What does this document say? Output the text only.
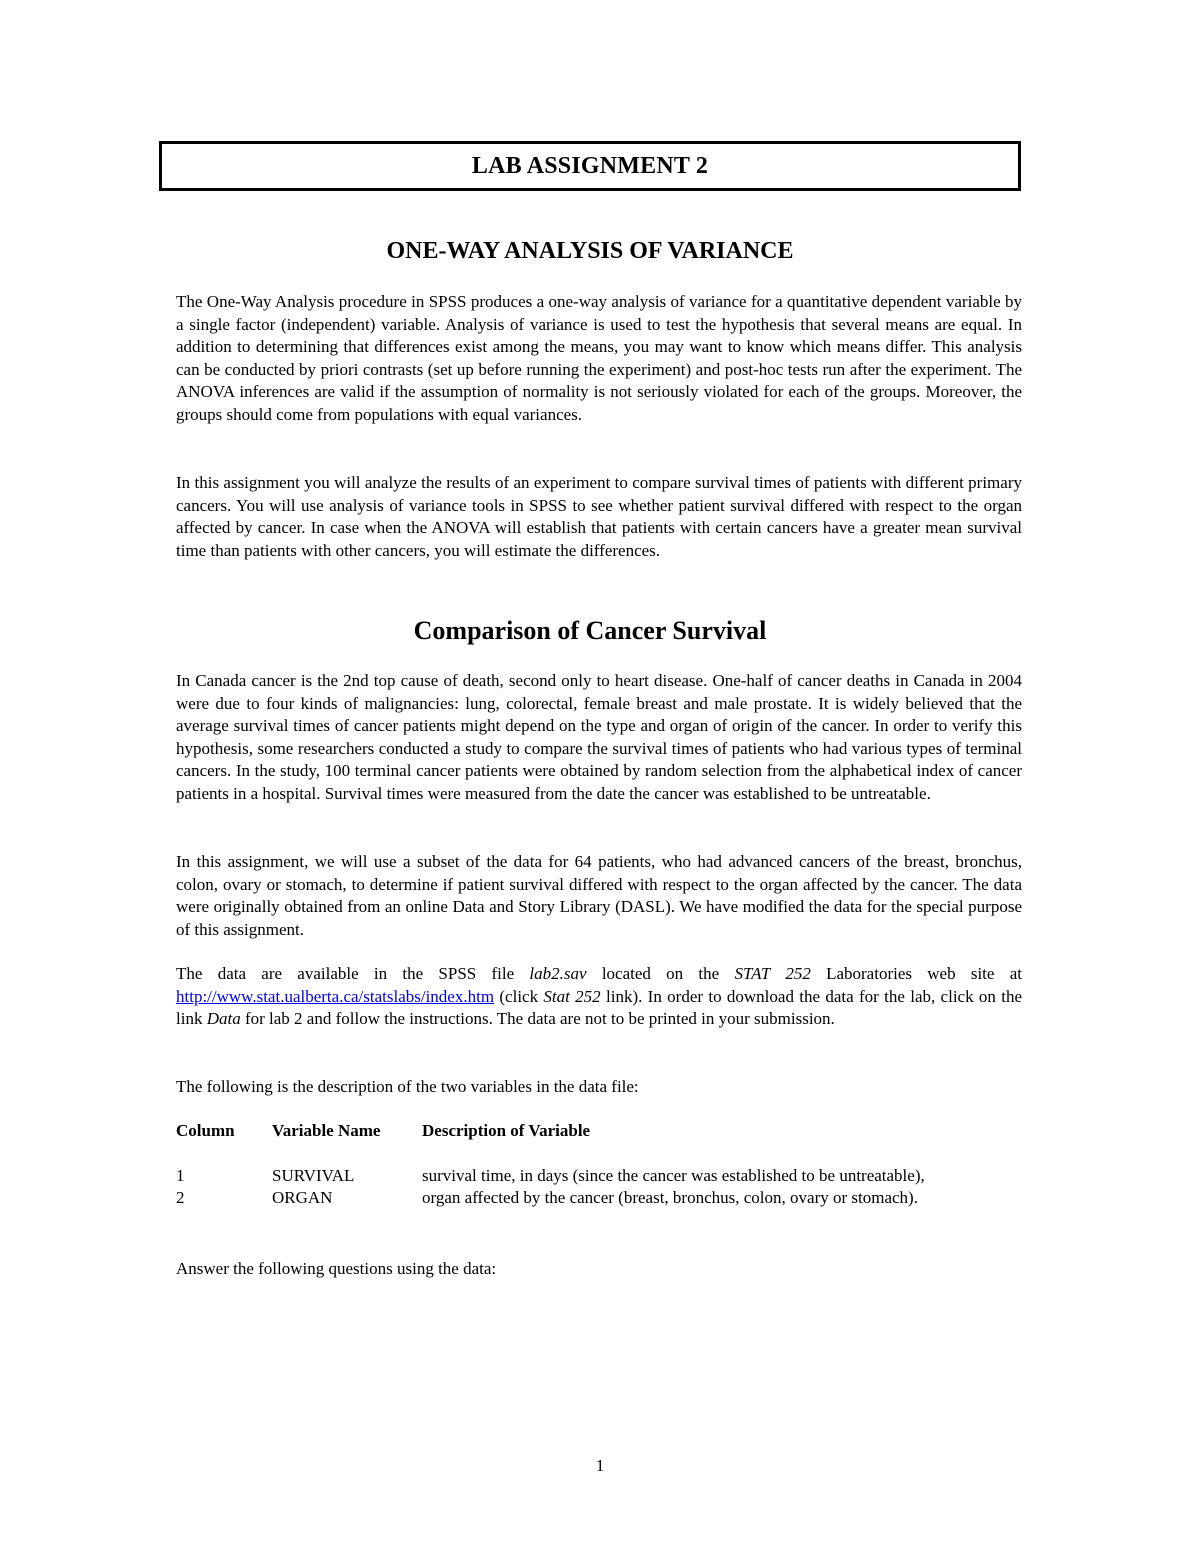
LAB ASSIGNMENT 2
ONE-WAY ANALYSIS OF VARIANCE

The One-Way Analysis procedure in SPSS produces a one-way analysis of variance for a quantitative dependent variable by a single factor (independent) variable. Analysis of variance is used to test the hypothesis that several means are equal. In addition to determining that differences exist among the means, you may want to know which means differ. This analysis can be conducted by priori contrasts (set up before running the experiment) and post-hoc tests run after the experiment. The ANOVA inferences are valid if the assumption of normality is not seriously violated for each of the groups. Moreover, the groups should come from populations with equal variances.

In this assignment you will analyze the results of an experiment to compare survival times of patients with different primary cancers. You will use analysis of variance tools in SPSS to see whether patient survival differed with respect to the organ affected by cancer. In case when the ANOVA will establish that patients with certain cancers have a greater mean survival time than patients with other cancers, you will estimate the differences.

Comparison of Cancer Survival

In Canada cancer is the 2nd top cause of death, second only to heart disease. One-half of cancer deaths in Canada in 2004 were due to four kinds of malignancies: lung, colorectal, female breast and male prostate. It is widely believed that the average survival times of cancer patients might depend on the type and organ of origin of the cancer. In order to verify this hypothesis, some researchers conducted a study to compare the survival times of patients who had various types of terminal cancers. In the study, 100 terminal cancer patients were obtained by random selection from the alphabetical index of cancer patients in a hospital. Survival times were measured from the date the cancer was established to be untreatable.

In this assignment, we will use a subset of the data for 64 patients, who had advanced cancers of the breast, bronchus, colon, ovary or stomach, to determine if patient survival differed with respect to the organ affected by the cancer. The data were originally obtained from an online Data and Story Library (DASL). We have modified the data for the special purpose of this assignment.

The data are available in the SPSS file lab2.sav located on the STAT 252 Laboratories web site at http://www.stat.ualberta.ca/statslabs/index.htm (click Stat 252 link). In order to download the data for the lab, click on the link Data for lab 2 and follow the instructions. The data are not to be printed in your submission.

The following is the description of the two variables in the data file:

Column	Variable Name	Description of Variable
1	SURVIVAL	survival time, in days (since the cancer was established to be untreatable),
2	ORGAN	organ affected by the cancer (breast, bronchus, colon, ovary or stomach).

Answer the following questions using the data:

1
